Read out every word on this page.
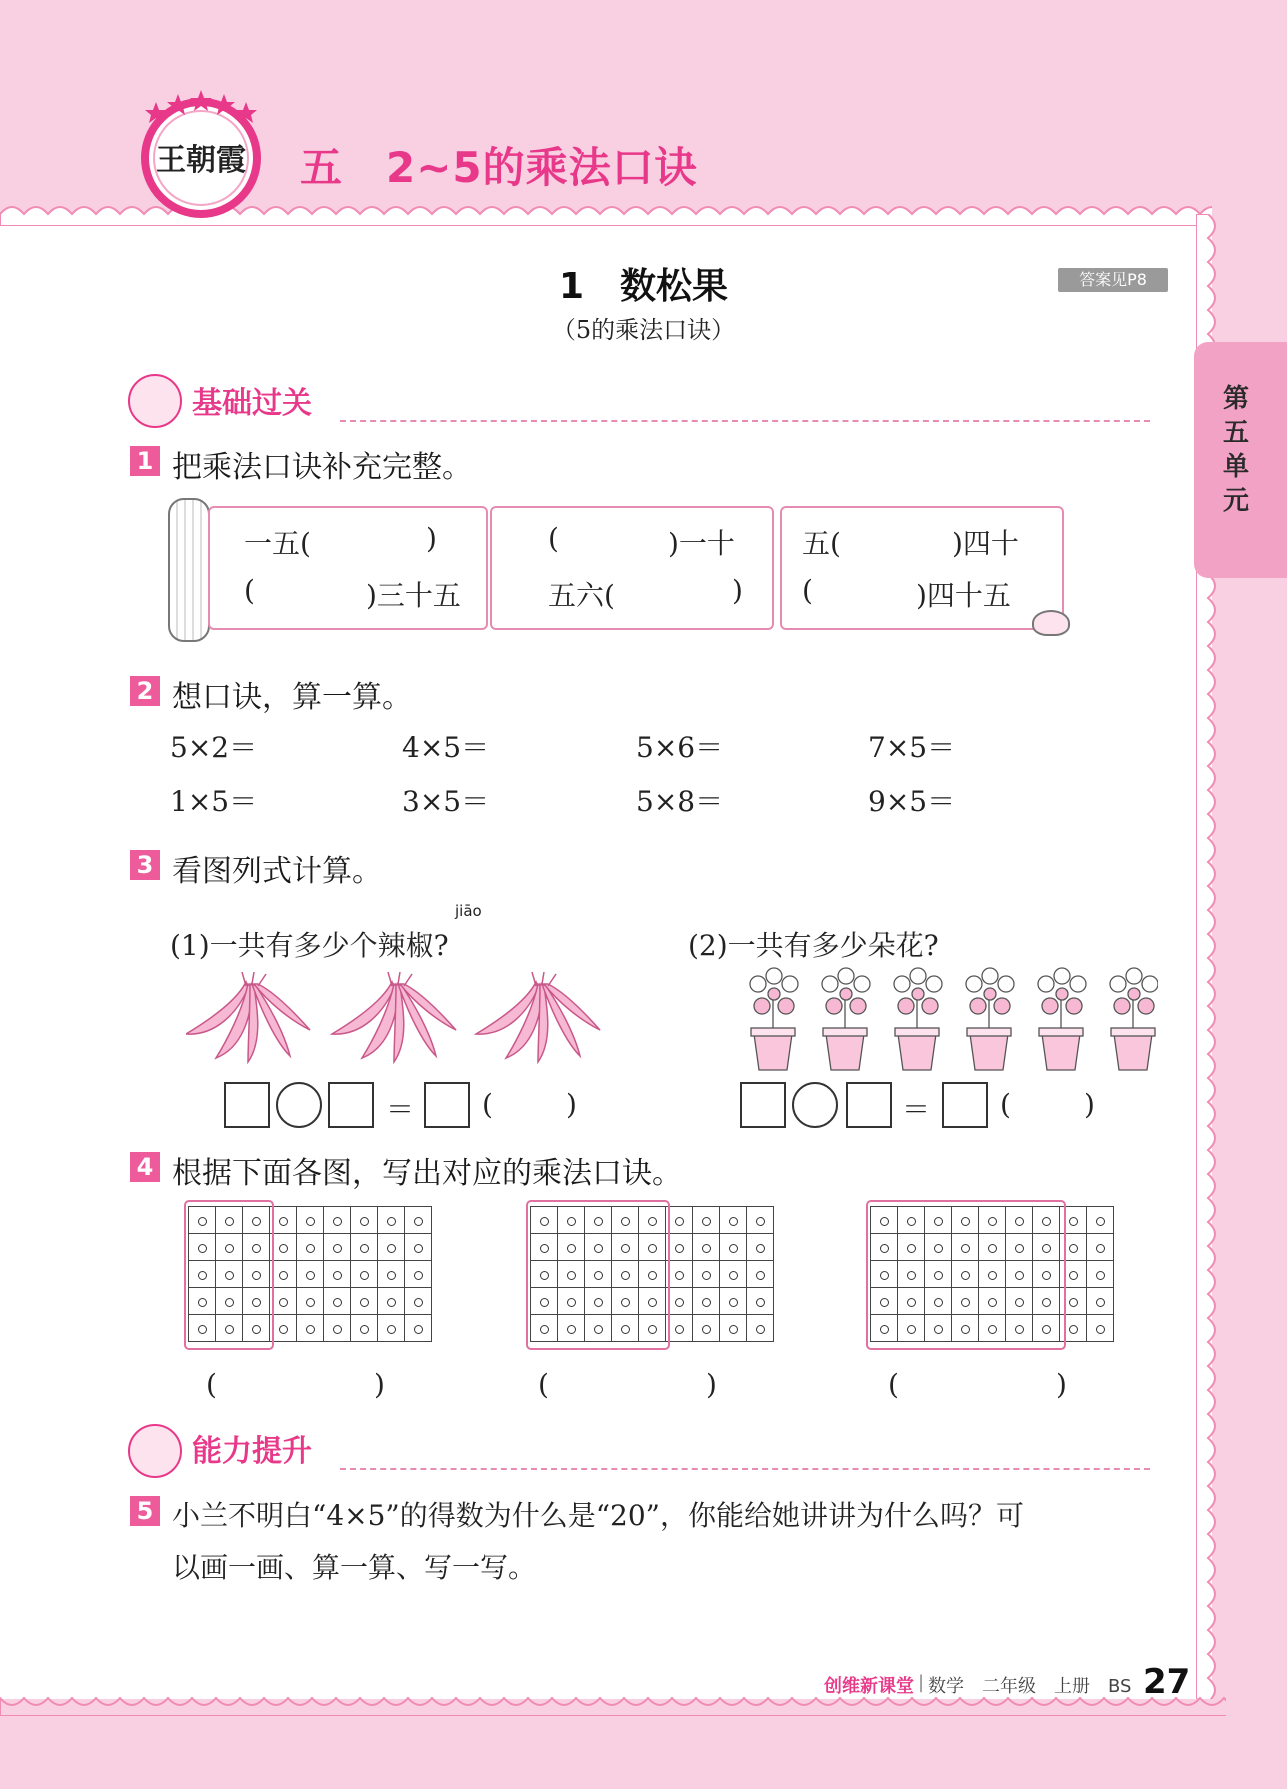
王朝霞 五　2~5的乘法口诀
1　数松果
（5的乘法口诀）
答案见P8
第五单元
基础过关
1 把乘法口诀补充完整。
一五(	)
(	)三十五
(	)一十
五六(	)
五(	)四十
(	)四十五
2 想口诀，算一算。
5×2＝	4×5＝	5×6＝	7×5＝
1×5＝	3×5＝	5×8＝	9×5＝
3 看图列式计算。
jiāo
(1)一共有多少个辣椒?	(2)一共有多少朵花?
＝ (	)	＝ (	)
4 根据下面各图，写出对应的乘法口诀。

(	)	(	)	(	)
能力提升
5 小兰不明白“4×5”的得数为什么是“20”，你能给她讲讲为什么吗？可
以画一画、算一算、写一写。
创维新课堂 | 数学　二年级　上册　BS 27
